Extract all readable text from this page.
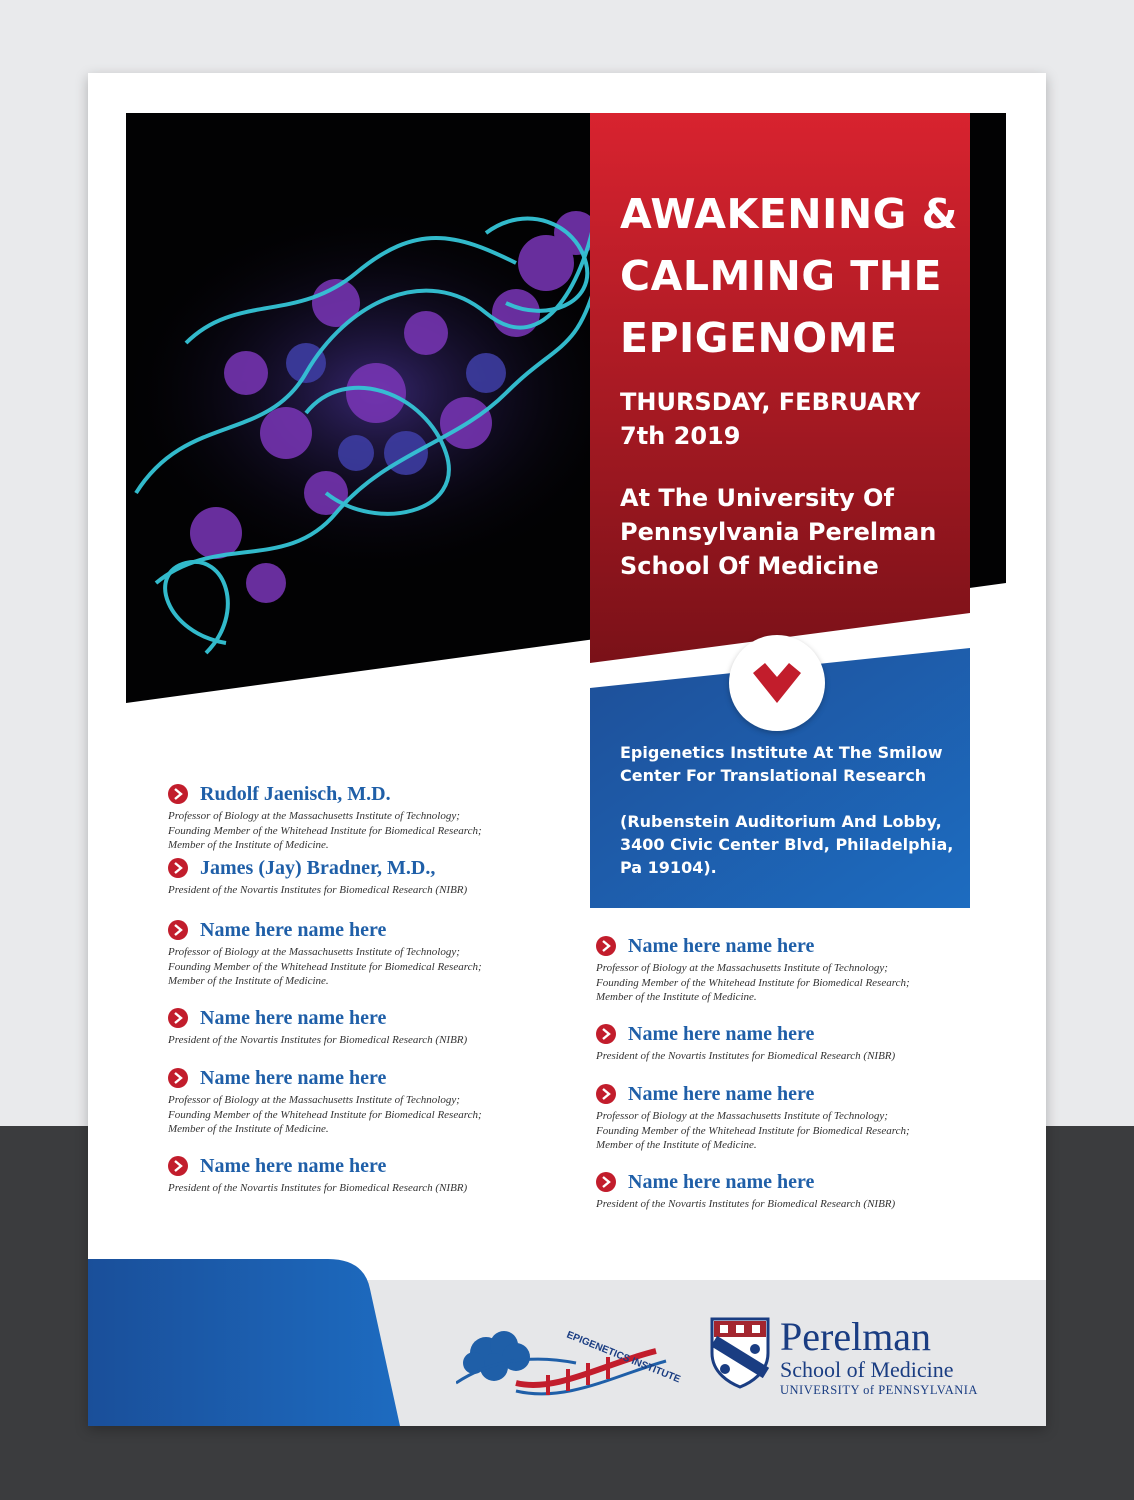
AWAKENING & CALMING THE EPIGENOME
THURSDAY, FEBRUARY 7th 2019
At The University Of Pennsylvania Perelman School Of Medicine
Epigenetics Institute At The Smilow Center For Translational Research
(Rubenstein Auditorium And Lobby, 3400 Civic Center Blvd, Philadelphia, Pa 19104).
Rudolf Jaenisch, M.D.
Professor of Biology at the Massachusetts Institute of Technology;
Founding Member of the Whitehead Institute for Biomedical Research;
Member of the Institute of Medicine.
James (Jay) Bradner, M.D.,
President of the Novartis Institutes for Biomedical Research (NIBR)
Name here name here
Professor of Biology at the Massachusetts Institute of Technology;
Founding Member of the Whitehead Institute for Biomedical Research;
Member of the Institute of Medicine.
Name here name here
President of the Novartis Institutes for Biomedical Research (NIBR)
Name here name here
Professor of Biology at the Massachusetts Institute of Technology;
Founding Member of the Whitehead Institute for Biomedical Research;
Member of the Institute of Medicine.
Name here name here
President of the Novartis Institutes for Biomedical Research (NIBR)
Name here name here
Professor of Biology at the Massachusetts Institute of Technology;
Founding Member of the Whitehead Institute for Biomedical Research;
Member of the Institute of Medicine.
Name here name here
President of the Novartis Institutes for Biomedical Research (NIBR)
Name here name here
Professor of Biology at the Massachusetts Institute of Technology;
Founding Member of the Whitehead Institute for Biomedical Research;
Member of the Institute of Medicine.
Name here name here
President of the Novartis Institutes for Biomedical Research (NIBR)
EPIGENETICS INSTITUTE Perelman
School of Medicine
UNIVERSITY of PENNSYLVANIA
